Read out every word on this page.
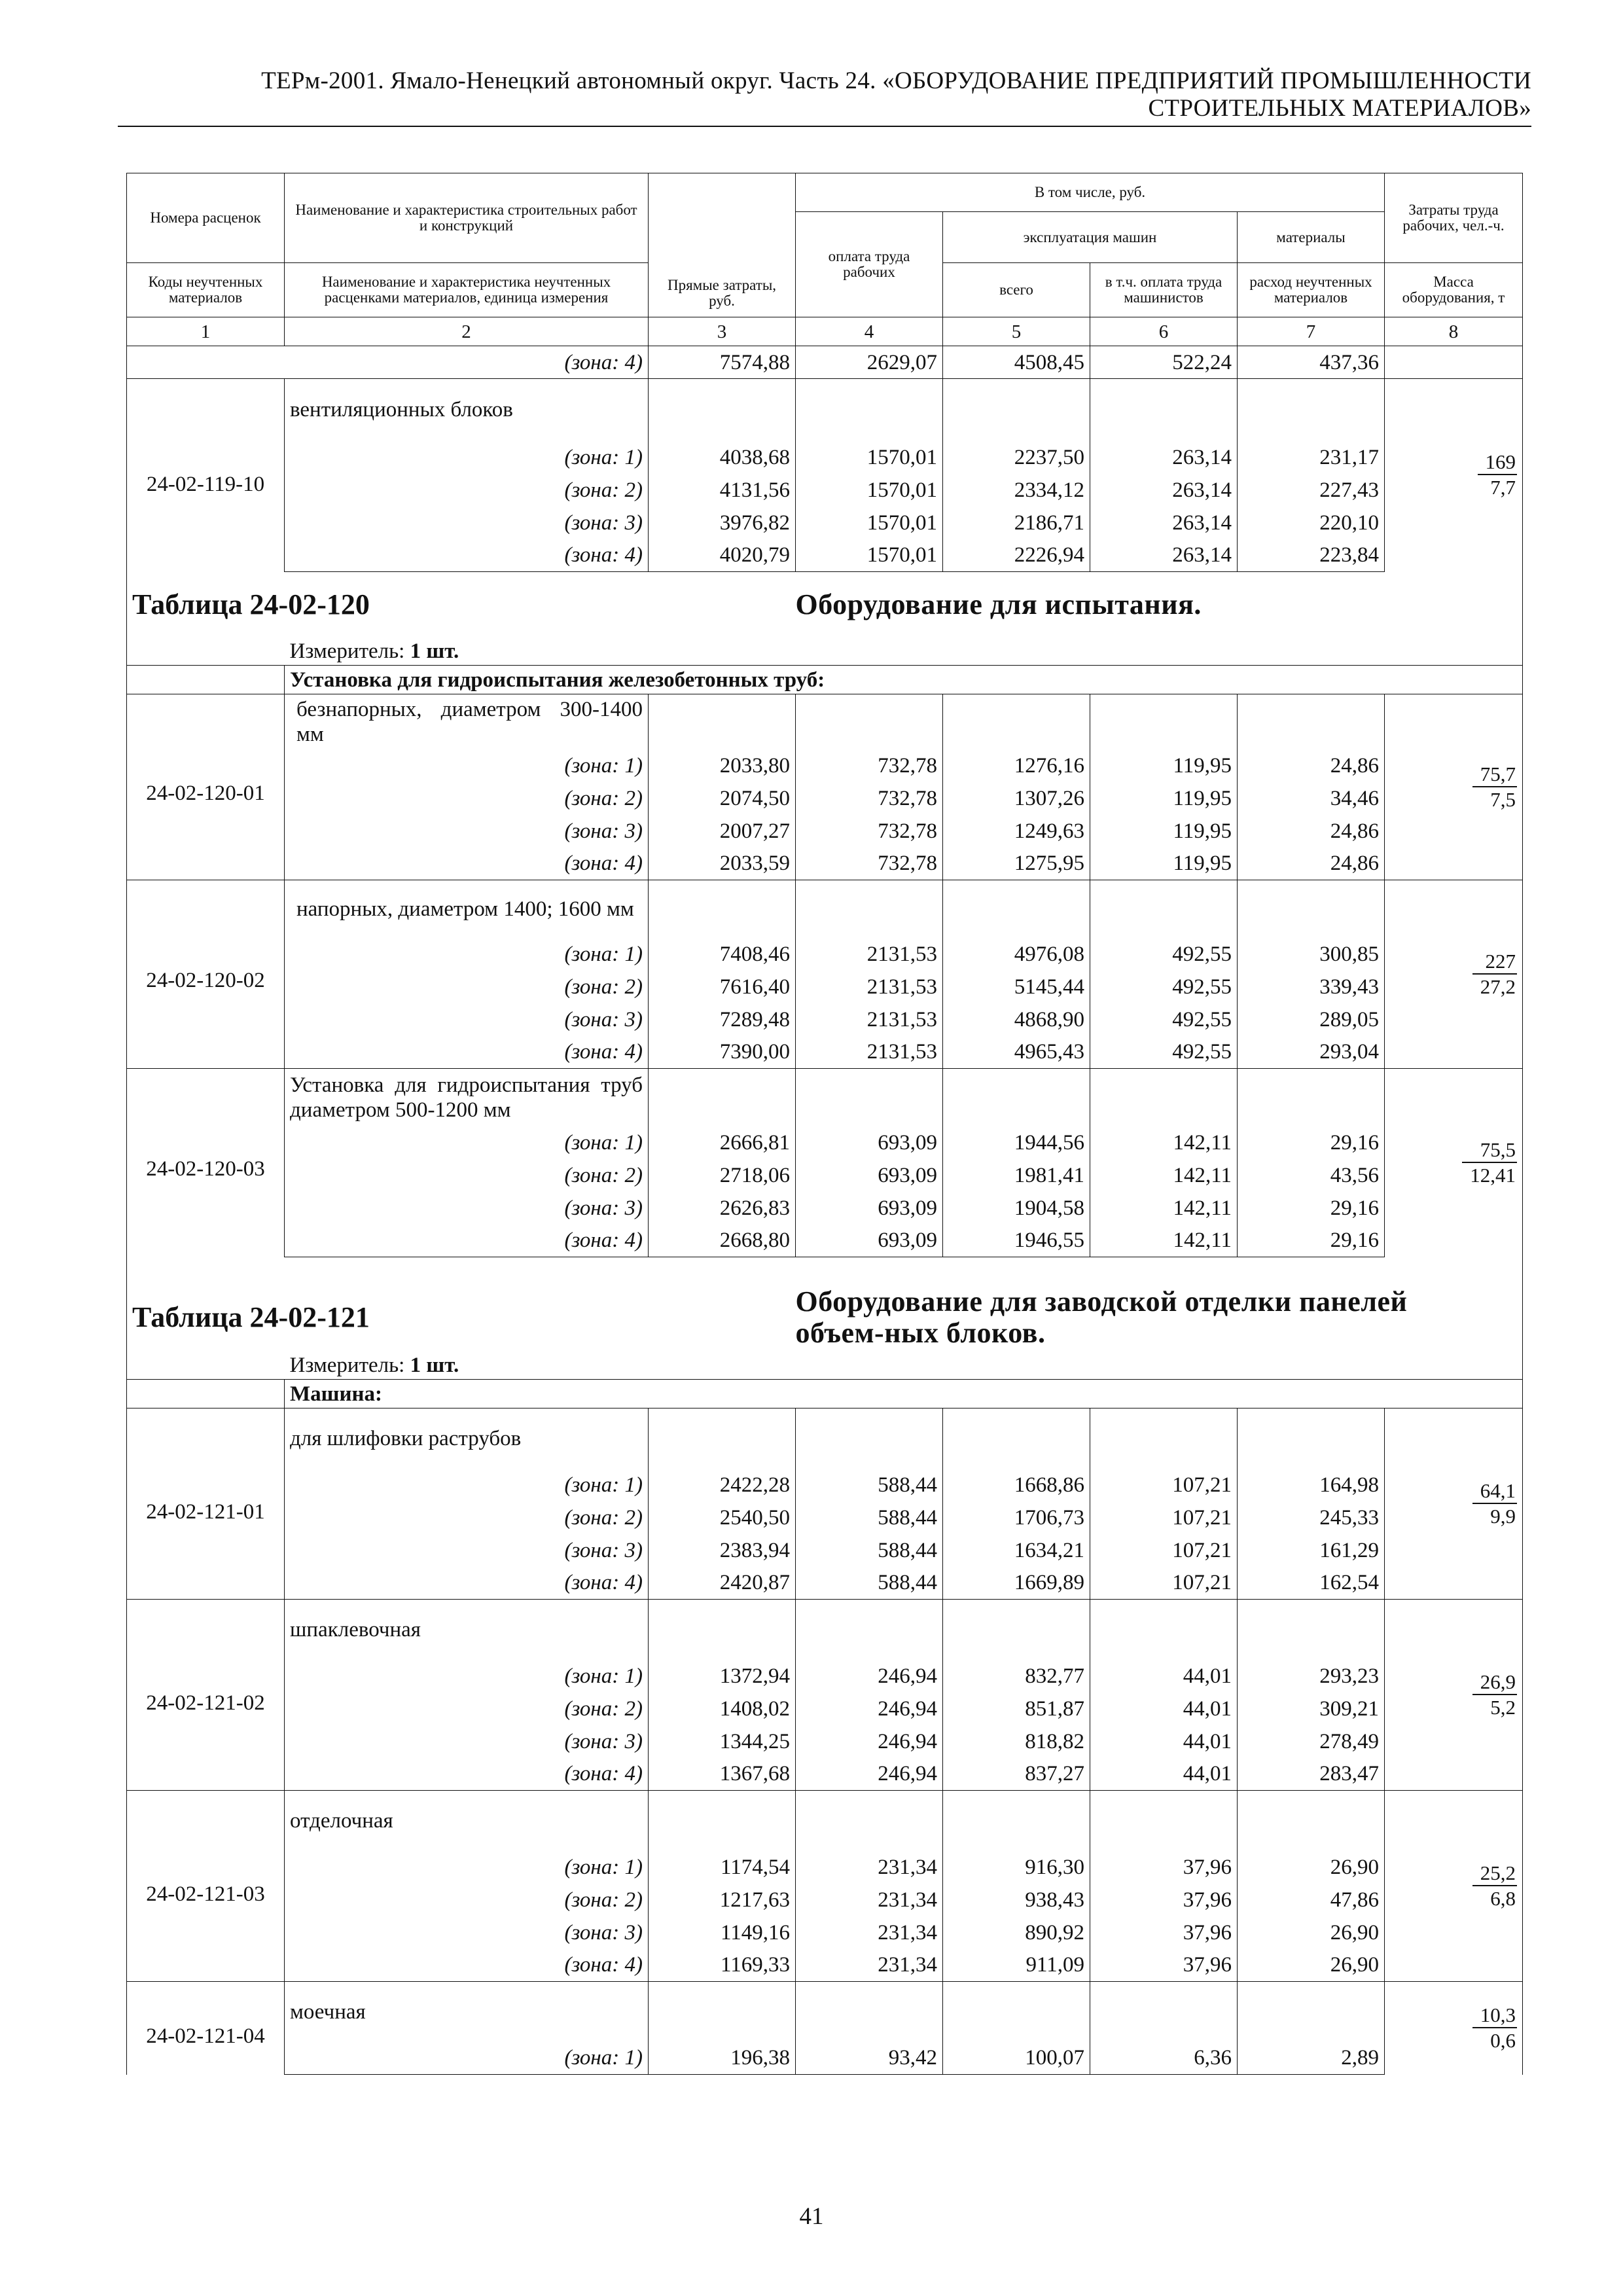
ТЕРм-2001. Ямало-Ненецкий автономный округ. Часть 24. «ОБОРУДОВАНИЕ ПРЕДПРИЯТИЙ ПРОМЫШЛЕННОСТИ
СТРОИТЕЛЬНЫХ МАТЕРИАЛОВ»
Номера расценок	Наименование и характеристика строительных работ и конструкций	Прямые затраты, руб.	В том числе, руб.				Затраты труда рабочих, чел.-ч.
			оплата труда рабочих	эксплуатация машин		материалы	
Коды неучтенных материалов	Наименование и характеристика неучтенных расценками материалов, единица измерения			всего	в т.ч. оплата труда машинистов	расход неучтенных материалов	Масса оборудования, т
1	2	3	4	5	6	7	8
	(зона: 4)	7574,88	2629,07	4508,45	522,24	437,36	
24-02-119-10	вентиляционных блоков						$\frac{169}{7,7}$

	(зона: 1)	4038,68	1570,01	2237,50	263,14	231,17	
	(зона: 2)	4131,56	1570,01	2334,12	263,14	227,43	
	(зона: 3)	3976,82	1570,01	2186,71	263,14	220,10	
	(зона: 4)	4020,79	1570,01	2226,94	263,14	223,84	
Таблица 24-02-120			Оборудование для испытания.				
	Измеритель: 1 шт.						
	Установка для гидроиспытания железобетонных труб:						
24-02-120-01	безнапорных, диаметром 300-1400 мм						$\frac{75,7}{7,5}$

	(зона: 1)	2033,80	732,78	1276,16	119,95	24,86	
	(зона: 2)	2074,50	732,78	1307,26	119,95	34,46	
	(зона: 3)	2007,27	732,78	1249,63	119,95	24,86	
	(зона: 4)	2033,59	732,78	1275,95	119,95	24,86	
24-02-120-02	напорных, диаметром 1400; 1600 мм						$\frac{227}{27,2}$

	(зона: 1)	7408,46	2131,53	4976,08	492,55	300,85	
	(зона: 2)	7616,40	2131,53	5145,44	492,55	339,43	
	(зона: 3)	7289,48	2131,53	4868,90	492,55	289,05	
	(зона: 4)	7390,00	2131,53	4965,43	492,55	293,04	
24-02-120-03	Установка для гидроиспытания труб диаметром 500-1200 мм						$\frac{75,5}{12,41}$

	(зона: 1)	2666,81	693,09	1944,56	142,11	29,16	
	(зона: 2)	2718,06	693,09	1981,41	142,11	43,56	
	(зона: 3)	2626,83	693,09	1904,58	142,11	29,16	
	(зона: 4)	2668,80	693,09	1946,55	142,11	29,16	
Таблица 24-02-121			Оборудование для заводской отделки панелей объем-ных блоков.				
	Измеритель: 1 шт.						
	Машина:						
24-02-121-01	для шлифовки раструбов						$\frac{64,1}{9,9}$

	(зона: 1)	2422,28	588,44	1668,86	107,21	164,98	
	(зона: 2)	2540,50	588,44	1706,73	107,21	245,33	
	(зона: 3)	2383,94	588,44	1634,21	107,21	161,29	
	(зона: 4)	2420,87	588,44	1669,89	107,21	162,54	
24-02-121-02	шпаклевочная						$\frac{26,9}{5,2}$

	(зона: 1)	1372,94	246,94	832,77	44,01	293,23	
	(зона: 2)	1408,02	246,94	851,87	44,01	309,21	
	(зона: 3)	1344,25	246,94	818,82	44,01	278,49	
	(зона: 4)	1367,68	246,94	837,27	44,01	283,47	
24-02-121-03	отделочная						$\frac{25,2}{6,8}$

	(зона: 1)	1174,54	231,34	916,30	37,96	26,90	
	(зона: 2)	1217,63	231,34	938,43	37,96	47,86	
	(зона: 3)	1149,16	231,34	890,92	37,96	26,90	
	(зона: 4)	1169,33	231,34	911,09	37,96	26,90	
24-02-121-04	моечная						$\frac{10,3}{0,6}$

	(зона: 1)	196,38	93,42	100,07	6,36	2,89	
41
